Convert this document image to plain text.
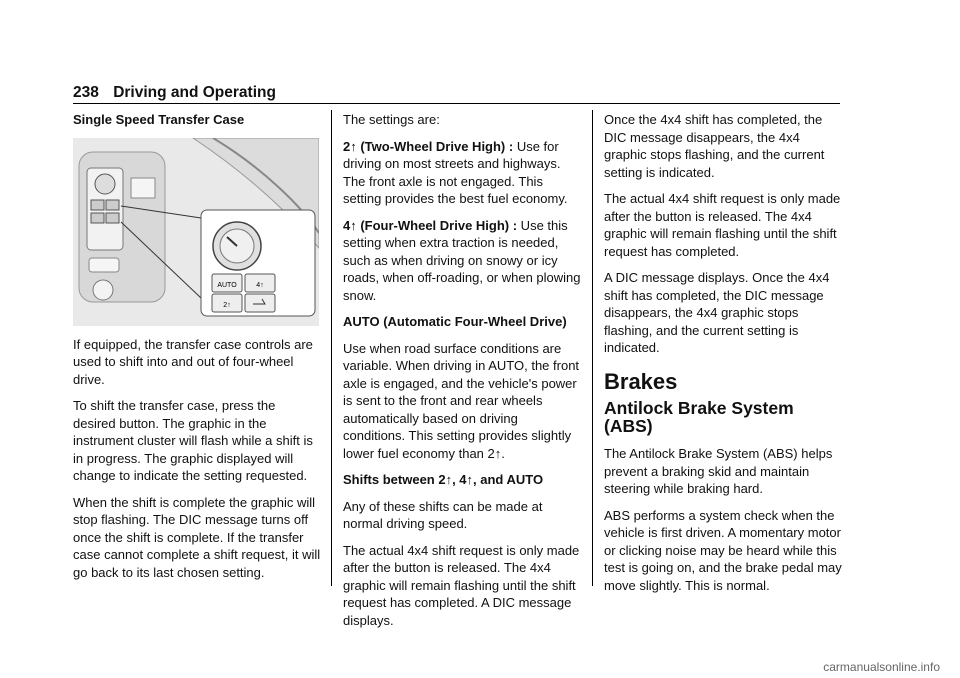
238 Driving and Operating

Single Speed Transfer Case

AUTO	4↑
2↑

If equipped, the transfer case controls are used to shift into and out of four-wheel drive.

To shift the transfer case, press the desired button. The graphic in the instrument cluster will flash while a shift is in progress. The graphic displayed will change to indicate the setting requested.

When the shift is complete the graphic will stop flashing. The DIC message turns off once the shift is complete. If the transfer case cannot complete a shift request, it will go back to its last chosen setting.

The settings are:

2↑ (Two-Wheel Drive High) : Use for driving on most streets and highways. The front axle is not engaged. This setting provides the best fuel economy.

4↑ (Four-Wheel Drive High) : Use this setting when extra traction is needed, such as when driving on snowy or icy roads, when off-roading, or when plowing snow.

AUTO (Automatic Four-Wheel Drive)

Use when road surface conditions are variable. When driving in AUTO, the front axle is engaged, and the vehicle's power is sent to the front and rear wheels automatically based on driving conditions. This setting provides slightly lower fuel economy than 2↑.

Shifts between 2↑, 4↑, and AUTO

Any of these shifts can be made at normal driving speed.

The actual 4x4 shift request is only made after the button is released. The 4x4 graphic will remain flashing until the shift request has completed. A DIC message displays.

Once the 4x4 shift has completed, the DIC message disappears, the 4x4 graphic stops flashing, and the current setting is indicated.

The actual 4x4 shift request is only made after the button is released. The 4x4 graphic will remain flashing until the shift request has completed.

A DIC message displays. Once the 4x4 shift has completed, the DIC message disappears, the 4x4 graphic stops flashing, and the current setting is indicated.

Brakes
Antilock Brake System (ABS)

The Antilock Brake System (ABS) helps prevent a braking skid and maintain steering while braking hard.

ABS performs a system check when the vehicle is first driven. A momentary motor or clicking noise may be heard while this test is going on, and the brake pedal may move slightly. This is normal.

carmanualsonline.info
